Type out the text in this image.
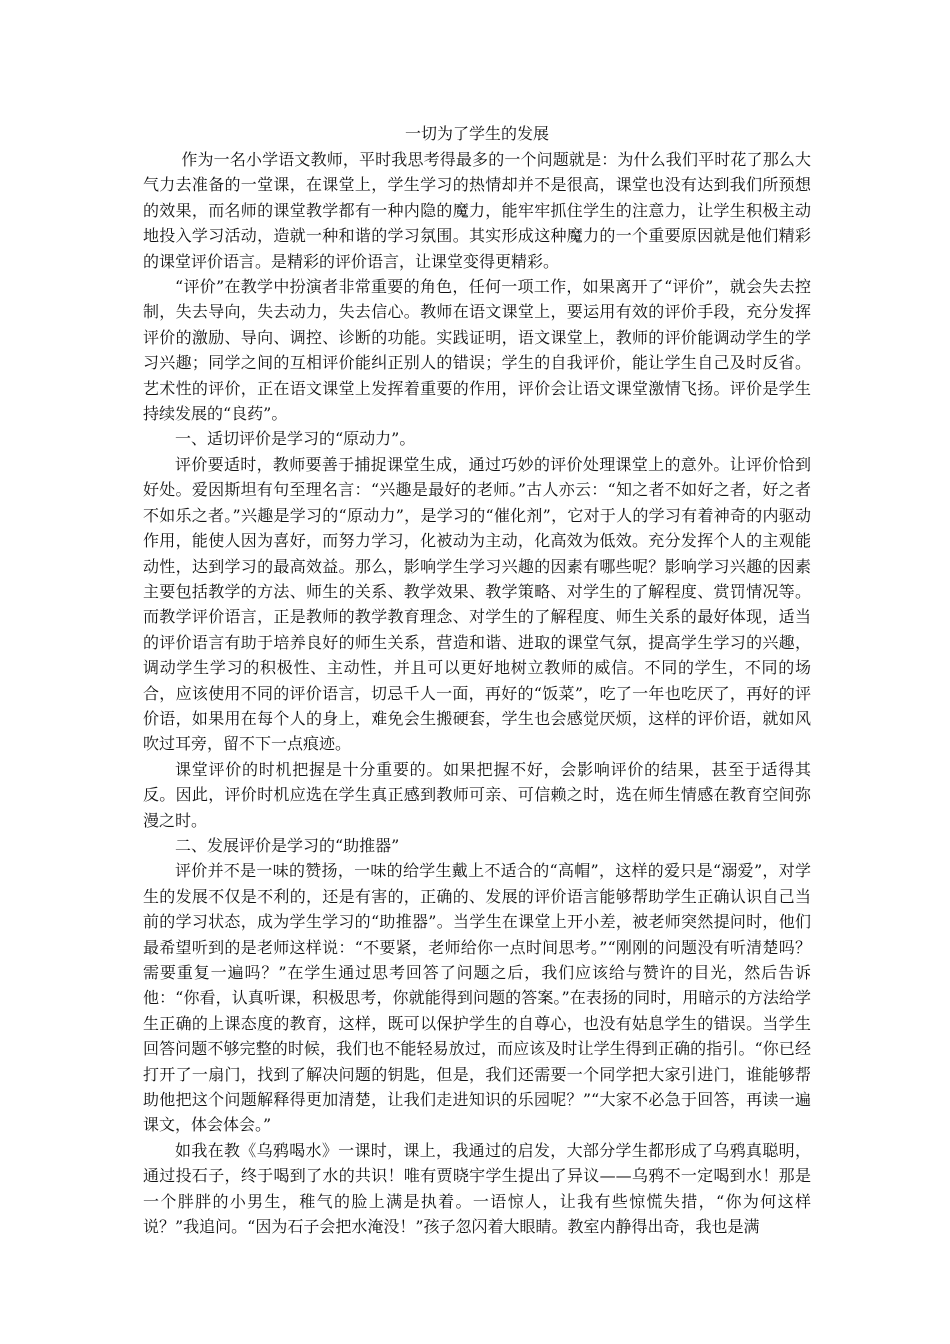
一切为了学生的发展

作为一名小学语文教师，平时我思考得最多的一个问题就是：为什么我们平时花了那么大气力去准备的一堂课，在课堂上，学生学习的热情却并不是很高，课堂也没有达到我们所预想的效果，而名师的课堂教学都有一种内隐的魔力，能牢牢抓住学生的注意力，让学生积极主动地投入学习活动，造就一种和谐的学习氛围。其实形成这种魔力的一个重要原因就是他们精彩的课堂评价语言。是精彩的评价语言，让课堂变得更精彩。

“评价”在教学中扮演者非常重要的角色，任何一项工作，如果离开了“评价”，就会失去控制，失去导向，失去动力，失去信心。教师在语文课堂上，要运用有效的评价手段，充分发挥评价的激励、导向、调控、诊断的功能。实践证明，语文课堂上，教师的评价能调动学生的学习兴趣；同学之间的互相评价能纠正别人的错误；学生的自我评价，能让学生自己及时反省。艺术性的评价，正在语文课堂上发挥着重要的作用，评价会让语文课堂激情飞扬。评价是学生持续发展的“良药”。

一、适切评价是学习的“原动力”。

评价要适时，教师要善于捕捉课堂生成，通过巧妙的评价处理课堂上的意外。让评价恰到好处。爱因斯坦有句至理名言：“兴趣是最好的老师。”古人亦云：“知之者不如好之者，好之者不如乐之者。”兴趣是学习的“原动力”，是学习的“催化剂”，它对于人的学习有着神奇的内驱动作用，能使人因为喜好，而努力学习，化被动为主动，化高效为低效。充分发挥个人的主观能动性，达到学习的最高效益。那么，影响学生学习兴趣的因素有哪些呢？影响学习兴趣的因素主要包括教学的方法、师生的关系、教学效果、教学策略、对学生的了解程度、赏罚情况等。而教学评价语言，正是教师的教学教育理念、对学生的了解程度、师生关系的最好体现，适当的评价语言有助于培养良好的师生关系，营造和谐、进取的课堂气氛，提高学生学习的兴趣，调动学生学习的积极性、主动性，并且可以更好地树立教师的威信。不同的学生，不同的场合，应该使用不同的评价语言，切忌千人一面，再好的“饭菜”，吃了一年也吃厌了，再好的评价语，如果用在每个人的身上，难免会生搬硬套，学生也会感觉厌烦，这样的评价语，就如风吹过耳旁，留不下一点痕迹。

课堂评价的时机把握是十分重要的。如果把握不好，会影响评价的结果，甚至于适得其反。因此，评价时机应选在学生真正感到教师可亲、可信赖之时，选在师生情感在教育空间弥漫之时。

二、发展评价是学习的“助推器”

评价并不是一味的赞扬，一味的给学生戴上不适合的“高帽”，这样的爱只是“溺爱”，对学生的发展不仅是不利的，还是有害的，正确的、发展的评价语言能够帮助学生正确认识自己当前的学习状态，成为学生学习的“助推器”。当学生在课堂上开小差，被老师突然提问时，他们最希望听到的是老师这样说：“不要紧，老师给你一点时间思考。”“刚刚的问题没有听清楚吗？需要重复一遍吗？”在学生通过思考回答了问题之后，我们应该给与赞许的目光，然后告诉他：“你看，认真听课，积极思考，你就能得到问题的答案。”在表扬的同时，用暗示的方法给学生正确的上课态度的教育，这样，既可以保护学生的自尊心，也没有姑息学生的错误。当学生回答问题不够完整的时候，我们也不能轻易放过，而应该及时让学生得到正确的指引。“你已经打开了一扇门，找到了解决问题的钥匙，但是，我们还需要一个同学把大家引进门，谁能够帮助他把这个问题解释得更加清楚，让我们走进知识的乐园呢？”“大家不必急于回答，再读一遍课文，体会体会。”

如我在教《乌鸦喝水》一课时，课上，我通过的启发，大部分学生都形成了乌鸦真聪明，通过投石子，终于喝到了水的共识！唯有贾晓宇学生提出了异议——乌鸦不一定喝到水！那是一个胖胖的小男生，稚气的脸上满是执着。一语惊人，让我有些惊慌失措，“你为何这样说？”我追问。“因为石子会把水淹没！”孩子忽闪着大眼睛。教室内静得出奇，我也是满
